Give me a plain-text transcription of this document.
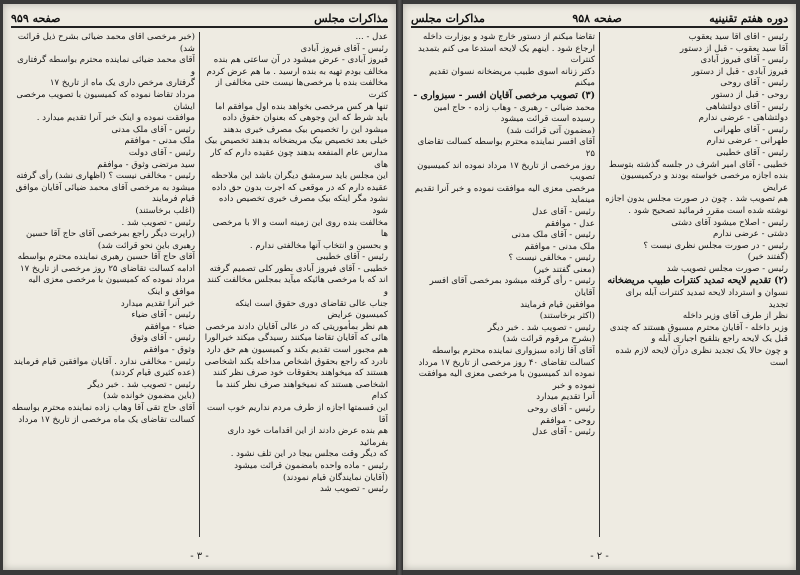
مذاکرات مجلس
صفحه ۹۵۹

عدل - ...

رئیس - آقای فیروز آبادی

فیروز آبادی - عرض میشود در آن ساعتی هم بنده

مخالف بودم تهیه به بنده ارسید . ما هم عرض کردم

مخالفت بنده با مرخصی‌ها نیست حتی مخالفی از کثرت

تنها هر کس مرخصی بخواهد بنده اول موافقم اما

باید شرط که این وجوهی که بعنوان حقوق داده

میشود این را تخصیص بیک مصرف خیری بدهند

خیلی بعد تخصیص بیک مریضخانه بدهند تخصیص بیک

مدارس عام المنفعه بدهند چون عقیده دارم که کار های

این مجلس باید سرمشق دیگران باشد این ملاحظه

عقیده دارم که در موقعی که اجرت بدون حق داده

نشود مگر اینکه بیک مصرف خیری تخصیص داده شود

مخالفت بنده روی این زمینه است و الا با مرخصی ها

و بحسین و انتخاب آنها مخالفتی ندارم .

رئیس - آقای خطیبی

خطیبی - آقای فیروز آبادی بطور کلی تصمیم گرفته

اند که با مرخصی هائیکه میآید بمجلس مخالفت کنند و

جناب عالی تقاضای دوری حقوق است اینکه کمیسیون عرایض

هم نظر بمأموریتی که در عالی آقایان دادند مرخصی

هائی که آقایان تقاضا میکنند رسیدگی میکند خیرالورا

هم مجبور است تقدیم بکند و کمیسیون هم حق دارد

نادرد که راجع بحقوق اشخاص مداخله بکند اشخاصی

هستند که میخواهند بحقوقات خود صرف نظر کنند

اشخاصی هستند که نمیخواهند صرف نظر کنند ما کدام

این قسمتها اجازه از طرف مردم نداریم خوب است آقا

هم بنده عرض دادند از این اقدامات خود داری بفرمائید

که دیگر وقت مجلس بیجا در این تلف نشود .

رئیس - ماده واحده بامضمون قرائت میشود

(آقایان نمایندگان قیام نمودند)

رئیس - تصویب شد

(خبر مرخصی آقای محمد ضیائی بشرح ذیل قرائت شد)

آقای محمد ضیائی نماینده محترم بواسطه گرفتاری و

گرفتاری مرخص داری یک ماه از تاریخ ۱۷

مرداد تقاضا نموده که کمیسیون با تصویب مرخصی ایشان

موافقت نموده و اینک خبر آنرا تقدیم میدارد .

رئیس - آقای ملک مدنی

ملک مدنی - موافقم

رئیس - آقای دولت

سید مرتضی وثوق - موافقم

رئیس - مخالفی نیست ؟ (اظهاری نشد) رأی گرفته

میشود به مرخصی آقای محمد ضیائی آقایان موافق قیام فرمایند

(اغلب برخاستند)

رئیس - تصویب شد .

(راپرت دیگر راجع بمرخصی آقای حاج آقا حسین

رهبری باین نحو قرائت شد)

آقای حاج آقا حسین رهبری نماینده محترم بواسطه

ادامه کسالت تقاضای ۲۵ روز مرخصی از تاریخ ۱۷

مرداد نموده که کمیسیون با مرخصی معزی الیه موافق و اینک

خبر آنرا تقدیم میدارد

رئیس - آقای ضیاء

ضیاء - موافقم

رئیس - آقای وثوق

وثوق - موافقم

رئیس - مخالفی ندارد . آقایان موافقین قیام فرمایند

(عده کثیری قیام کردند)

رئیس - تصویب شد . خبر دیگر

(باین مضمون خوانده شد)

آقای حاج تقی آقا وهاب زاده نماینده محترم بواسطه

کسالت تقاضای یک ماه مرخصی از تاریخ ۱۷ مرداد

- ۳ -
دوره هفتم تقنینیه
صفحه ۹۵۸
مذاکرات مجلس

رئیس - آقای آقا سید یعقوب

آقا سید یعقوب - قبل از دستور

رئیس - آقای فیروز آبادی

فیروز آبادی - قبل از دستور

رئیس - آقای روحی

روحی - قبل از دستور

رئیس - آقای دولتشاهی

دولتشاهی - عرضی ندارم

رئیس - آقای طهرانی

طهرانی - عرضی ندارم

رئیس - آقای خطیبی

خطیبی - آقای امیر اشرف در جلسه گذشته بتوسط

بنده اجازه مرخصی خواسته بودند و درکمیسیون عرایض

هم تصویب شد . چون در صورت مجلس بدون اجازه

نوشته شده است مقرر فرمائید تصحیح شود .

رئیس - اصلاح میشود آقای دشتی

دشتی - عرضی ندارم

رئیس - در صورت مجلس نظری نیست ؟

(گفتند خیر)

رئیس - صورت مجلس تصویب شد

(۲) تقدیم لایحه تمدید کنترات طبیب مریضخانه

نسوان و استرداد لایحه تمدید کنترات آبله برای تجدید

نظر از طرف آقای وزیر داخله

وزیر داخله - آقایان محترم مسبوق هستند که چندی

قبل یک لایحه راجع بتلقیح اجباری آبله و

و چون حالا یک تجدید نظری درآن لایحه لازم شده است

تقاضا میکنم از دستور خارج شود و بوزارت داخله

ارجاع شود . اینهم یک لایحه استدعا می کنم بتمدید کنترات

دکتر زنانه اسوی طبیب مریضخانه نسوان تقدیم میکنم

(۳) تصویب مرخصی آقایان افسر - سبزواری -

محمد ضیائی - رهبری - وهاب زاده - حاج امین

رسیده است قرائت میشود

(مضمون آتی قرائت شد)

آقای افسر نماینده محترم بواسطه کسالت تقاضای ۲۵

روز مرخصی از تاریخ ۱۷ مرداد نموده اند کمیسیون تصویب

مرخصی معزی الیه موافقت نموده و خبر آنرا تقدیم مینماید

رئیس - آقای عدل

عدل - موافقم

رئیس - آقای ملک مدنی

ملک مدنی - موافقم

رئیس - مخالفی نیست ؟

(معنی گفتند خیر)

رئیس - رأی گرفته میشود بمرخصی آقای افسر آقایان

موافقین قیام فرمایند

(اکثر برخاستند)

رئیس - تصویب شد . خبر دیگر

(بشرح مرقوم قرائت شد)

آقای آقا زاده سبزواری نماینده محترم بواسطه

کسالت تقاضای ۴۰ روز مرخصی از تاریخ ۱۷ مرداد

نموده اند کمیسیون با مرخصی معزی الیه موافقت نموده و خبر

آنرا تقدیم میدارد

رئیس - آقای روحی

روحی - موافقم

رئیس - آقای عدل

- ۲ -
